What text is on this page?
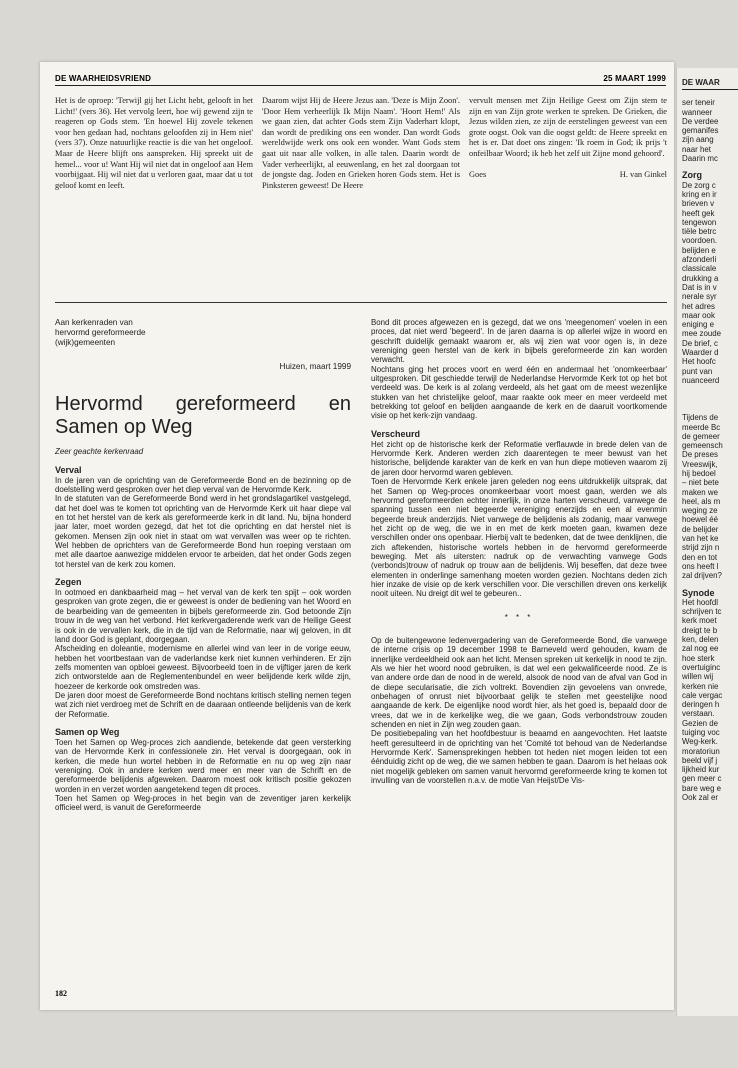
DE WAARHEIDSVRIEND	25 MAART 1999

Het is de oproep: 'Terwijl gij het Licht hebt, gelooft in het Licht!' (vers 36). Het vervolg leert, hoe wij gewend zijn te reageren op Gods stem. 'En hoewel Hij zovele tekenen voor hen gedaan had, nochtans geloofden zij in Hem niet' (vers 37). Onze natuurlijke reactie is die van het ongeloof. Maar de Heere blijft ons aanspreken. Hij spreekt uit de hemel... voor u! Want Hij wil niet dat in ongeloof aan Hem voorbijgaat. Hij wil niet dat u verloren gaat, maar dat u tot geloof komt en leeft.

Daarom wijst Hij de Heere Jezus aan. 'Deze is Mijn Zoon'. 'Door Hem verheerlijk Ik Mijn Naam'. 'Hoort Hem!' Als we gaan zien, dat achter Gods stem Zijn Vaderhart klopt, dan wordt de prediking ons een wonder. Dan wordt Gods wereldwijde werk ons ook een wonder. Want Gods stem gaat uit naar alle volken, in alle talen. Daarin wordt de Vader verheerlijkt, al eeuwenlang, en het zal doorgaan tot de jongste dag. Joden en Grieken horen Gods stem. Het is Pinksteren geweest! De Heere

vervult mensen met Zijn Heilige Geest om Zijn stem te zijn en van Zijn grote werken te spreken. De Grieken, die Jezus wilden zien, ze zijn de eerstelingen geweest van een grote oogst. Ook van die oogst geldt: de Heere spreekt en het is er. Dat doet ons zingen: 'Ik roem in God; ik prijs 't onfeilbaar Woord; ik heb het zelf uit Zijne mond gehoord'.

Goes	H. van Ginkel

Aan kerkenraden van

hervormd gereformeerde

(wijk)gemeenten

Huizen, maart 1999
Hervormd gereformeerd en Samen op Weg

Zeer geachte kerkenraad

Verval

In de jaren van de oprichting van de Gereformeerde Bond en de bezinning op de doelstelling werd gesproken over het diep verval van de Hervormde Kerk.

In de statuten van de Gereformeerde Bond werd in het grondslagartikel vastgelegd, dat het doel was te komen tot oprichting van de Hervormde Kerk uit haar diepe val en tot het herstel van de kerk als gereformeerde kerk in dit land. Nu, bijna honderd jaar later, moet worden gezegd, dat het tot die oprichting en dat herstel niet is gekomen. Mensen zijn ook niet in staat om wat vervallen was weer op te richten. Wel hebben de oprichters van de Gereformeerde Bond hun roeping verstaan om met alle daartoe aanwezige middelen ervoor te arbeiden, dat het onder Gods zegen tot herstel van de kerk zou komen.

Zegen

In ootmoed en dankbaarheid mag – het verval van de kerk ten spijt – ook worden gesproken van grote zegen, die er geweest is onder de bediening van het Woord en de bearbeiding van de gemeenten in bijbels gereformeerde zin. God betoonde Zijn trouw in de weg van het verbond. Het kerkvergaderende werk van de Heilige Geest is ook in de vervallen kerk, die in de tijd van de Reformatie, naar wij geloven, in dit land door God is geplant, doorgegaan.

Afscheiding en doleantie, modernisme en allerlei wind van leer in de vorige eeuw, hebben het voortbestaan van de vaderlandse kerk niet kunnen verhinderen. Er zijn zelfs momenten van opbloei geweest. Bijvoorbeeld toen in de vijftiger jaren de kerk zich ontworstelde aan de Reglementenbundel en weer belijdende kerk wilde zijn, hoezeer de kerkorde ook omstreden was.

De jaren door moest de Gereformeerde Bond nochtans kritisch stelling nemen tegen wat zich niet verdroeg met de Schrift en de daaraan ontleende belijdenis van de kerk der Reformatie.

Samen op Weg

Toen het Samen op Weg-proces zich aandiende, betekende dat geen versterking van de Hervormde Kerk in confessionele zin. Het verval is doorgegaan, ook in kerken, die mede hun wortel hebben in de Reformatie en nu op weg zijn naar vereniging. Ook in andere kerken werd meer en meer van de Schrift en de gereformeerde belijdenis afgeweken. Daarom moest ook kritisch positie gekozen worden in en verzet worden aangetekend tegen dit proces.

Toen het Samen op Weg-proces in het begin van de zeventiger jaren kerkelijk officieel werd, is vanuit de Gereformeerde

Bond dit proces afgewezen en is gezegd, dat we ons 'meegenomen' voelen in een proces, dat niet werd 'begeerd'. In de jaren daarna is op allerlei wijze in woord en geschrift duidelijk gemaakt waarom er, als wij zien wat voor ogen is, in deze vereniging geen herstel van de kerk in bijbels gereformeerde zin kan worden verwacht.

Nochtans ging het proces voort en werd één en andermaal het 'onomkeerbaar' uitgesproken. Dit geschiedde terwijl de Nederlandse Hervormde Kerk tot op het bot verdeeld was. De kerk is al zolang verdeeld, als het gaat om de meest wezenlijke stukken van het christelijke geloof, maar raakte ook meer en meer verdeeld met betrekking tot geloof en belijden aangaande de kerk en de daaruit voortkomende visie op het kerk-zijn vandaag.

Verscheurd

Het zicht op de historische kerk der Reformatie verflauwde in brede delen van de Hervormde Kerk. Anderen werden zich daarentegen te meer bewust van het historische, belijdende karakter van de kerk en van hun diepe motieven waarom zij de jaren door hervormd waren gebleven.

Toen de Hervormde Kerk enkele jaren geleden nog eens uitdrukkelijk uitsprak, dat het Samen op Weg-proces onomkeerbaar voort moest gaan, werden we als hervormd gereformeerden echter innerlijk, in onze harten verscheurd, vanwege de spanning tussen een niet begeerde vereniging enerzijds en een al evenmin begeerde breuk anderzijds. Niet vanwege de belijdenis als zodanig, maar vanwege het zicht op de weg, die we in en met de kerk moeten gaan, kwamen deze verschillen onder ons openbaar. Hierbij valt te bedenken, dat de twee denklijnen, die zich aftekenden, historische wortels hebben in de hervormd gereformeerde beweging. Met als uitersten: nadruk op de verwachting vanwege Gods (verbonds)trouw of nadruk op trouw aan de belijdenis. Wij beseffen, dat deze twee elementen in onderlinge samenhang moeten worden gezien. Nochtans deden zich hier inzake de visie op de kerk verschillen voor. Die verschillen dreven ons kerkelijk nooit uiteen. Nu dreigt dit wel te gebeuren..

* * *

Op de buitengewone ledenvergadering van de Gereformeerde Bond, die vanwege de interne crisis op 19 december 1998 te Barneveld werd gehouden, kwam de innerlijke verdeeldheid ook aan het licht. Mensen spreken uit kerkelijk in nood te zijn. Als we hier het woord nood gebruiken, is dat wel een gekwalificeerde nood. Ze is van andere orde dan de nood in de wereld, alsook de nood van de afval van God in de diepe secularisatie, die zich voltrekt. Bovendien zijn gevoelens van onvrede, onbehagen of onrust niet bijvoorbaat gelijk te stellen met geestelijke nood aangaande de kerk. De eigenlijke nood wordt hier, als het goed is, bepaald door de vrees, dat we in de kerkelijke weg, die we gaan, Gods verbondstrouw zouden schenden en niet in Zijn weg zouden gaan.

De positiebepaling van het hoofdbestuur is beaamd en aangevochten. Het laatste heeft geresulteerd in de oprichting van het 'Comité tot behoud van de Nederlandse Hervormde Kerk'. Samensprekingen hebben tot heden niet mogen leiden tot een éénduidig zicht op de weg, die we samen hebben te gaan. Daarom is het helaas ook niet mogelijk gebleken om samen vanuit hervormd gereformeerde kring te komen tot invulling van de voorstellen n.a.v. de motie Van Heijst/De Vis-

182
DE WAAR
ser teneir
wanneer
De verdee
gemanifes
zijn aang
naar het
Daarin mc
Zorg
De zorg c
kring en ir
brieven v
heeft gek
tengewon
tiële betrc
voordoen.
belijden e
afzonderli
classicale
drukking a
Dat is in v
nerale syr
het adres
maar ook
eniging e
mee zoude
De brief, c
Waarder d
Het hoofc
punt van
nuanceerd
Tijdens de
meerde Bc
de gemeer
gemeensch
De preses
Vreeswijk,
hij bedoel
– niet bete
maken we
heel, als m
weging ze
hoewel éé
de belijder
van het ke
strijd zijn n
den en tot
ons heeft l
zal drijven?
Synode
Het hoofdl
schrijven tc
kerk moet
dreigt te b
ken, delen
zal nog ee
hoe sterk
overtuiginc
willen wij
kerken nie
cale vergac
deringen h
verstaan.
Gezien de
tuiging voc
Weg-kerk.
moratoriun
beeld vijf j
lijkheid kur
gen meer c
bare weg e
Ook zal er
